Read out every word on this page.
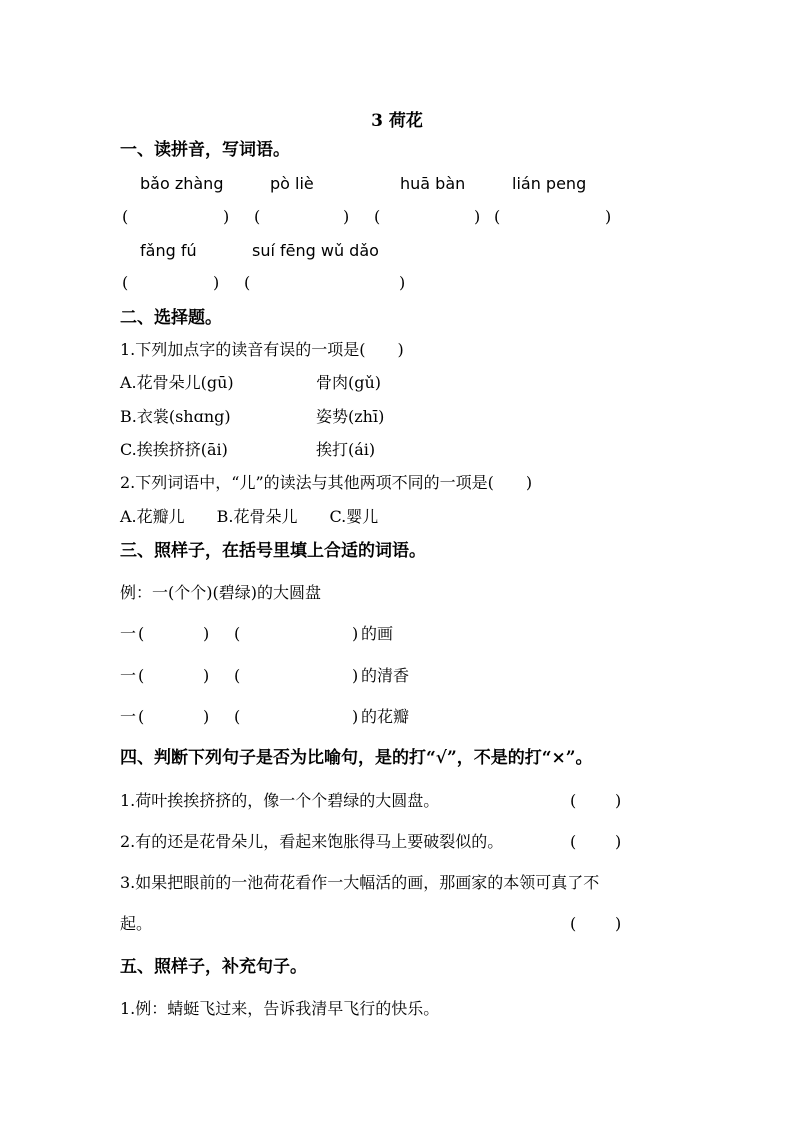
3 荷花
一、读拼音，写词语。
bǎo zhàng	pò liè	huā bàn	lián peng
(	) (	) (	) (	)
fǎng fú	suí fēng wǔ dǎo
(	) (	)
二、选择题。
1.下列加点字的读音有误的一项是(　　)
A.花骨朵儿(gū)	骨肉(gǔ)
B.衣裳(shɑng)	姿势(zhī)
C.挨挨挤挤(āi)	挨打(ái)
2.下列词语中，“儿”的读法与其他两项不同的一项是(　　)
A.花瓣儿　　B.花骨朵儿　　C.婴儿
三、照样子，在括号里填上合适的词语。
例：一(个个)(碧绿)的大圆盘
一 (	) (	) 的画
一 (	) (	) 的清香
一 (	) (	) 的花瓣
四、判断下列句子是否为比喻句，是的打“√”，不是的打“×”。
1.荷叶挨挨挤挤的，像一个个碧绿的大圆盘。	( )
2.有的还是花骨朵儿，看起来饱胀得马上要破裂似的。	( )
3.如果把眼前的一池荷花看作一大幅活的画，那画家的本领可真了不
起。	( )
五、照样子，补充句子。
1.例：蜻蜓飞过来，告诉我清早飞行的快乐。
